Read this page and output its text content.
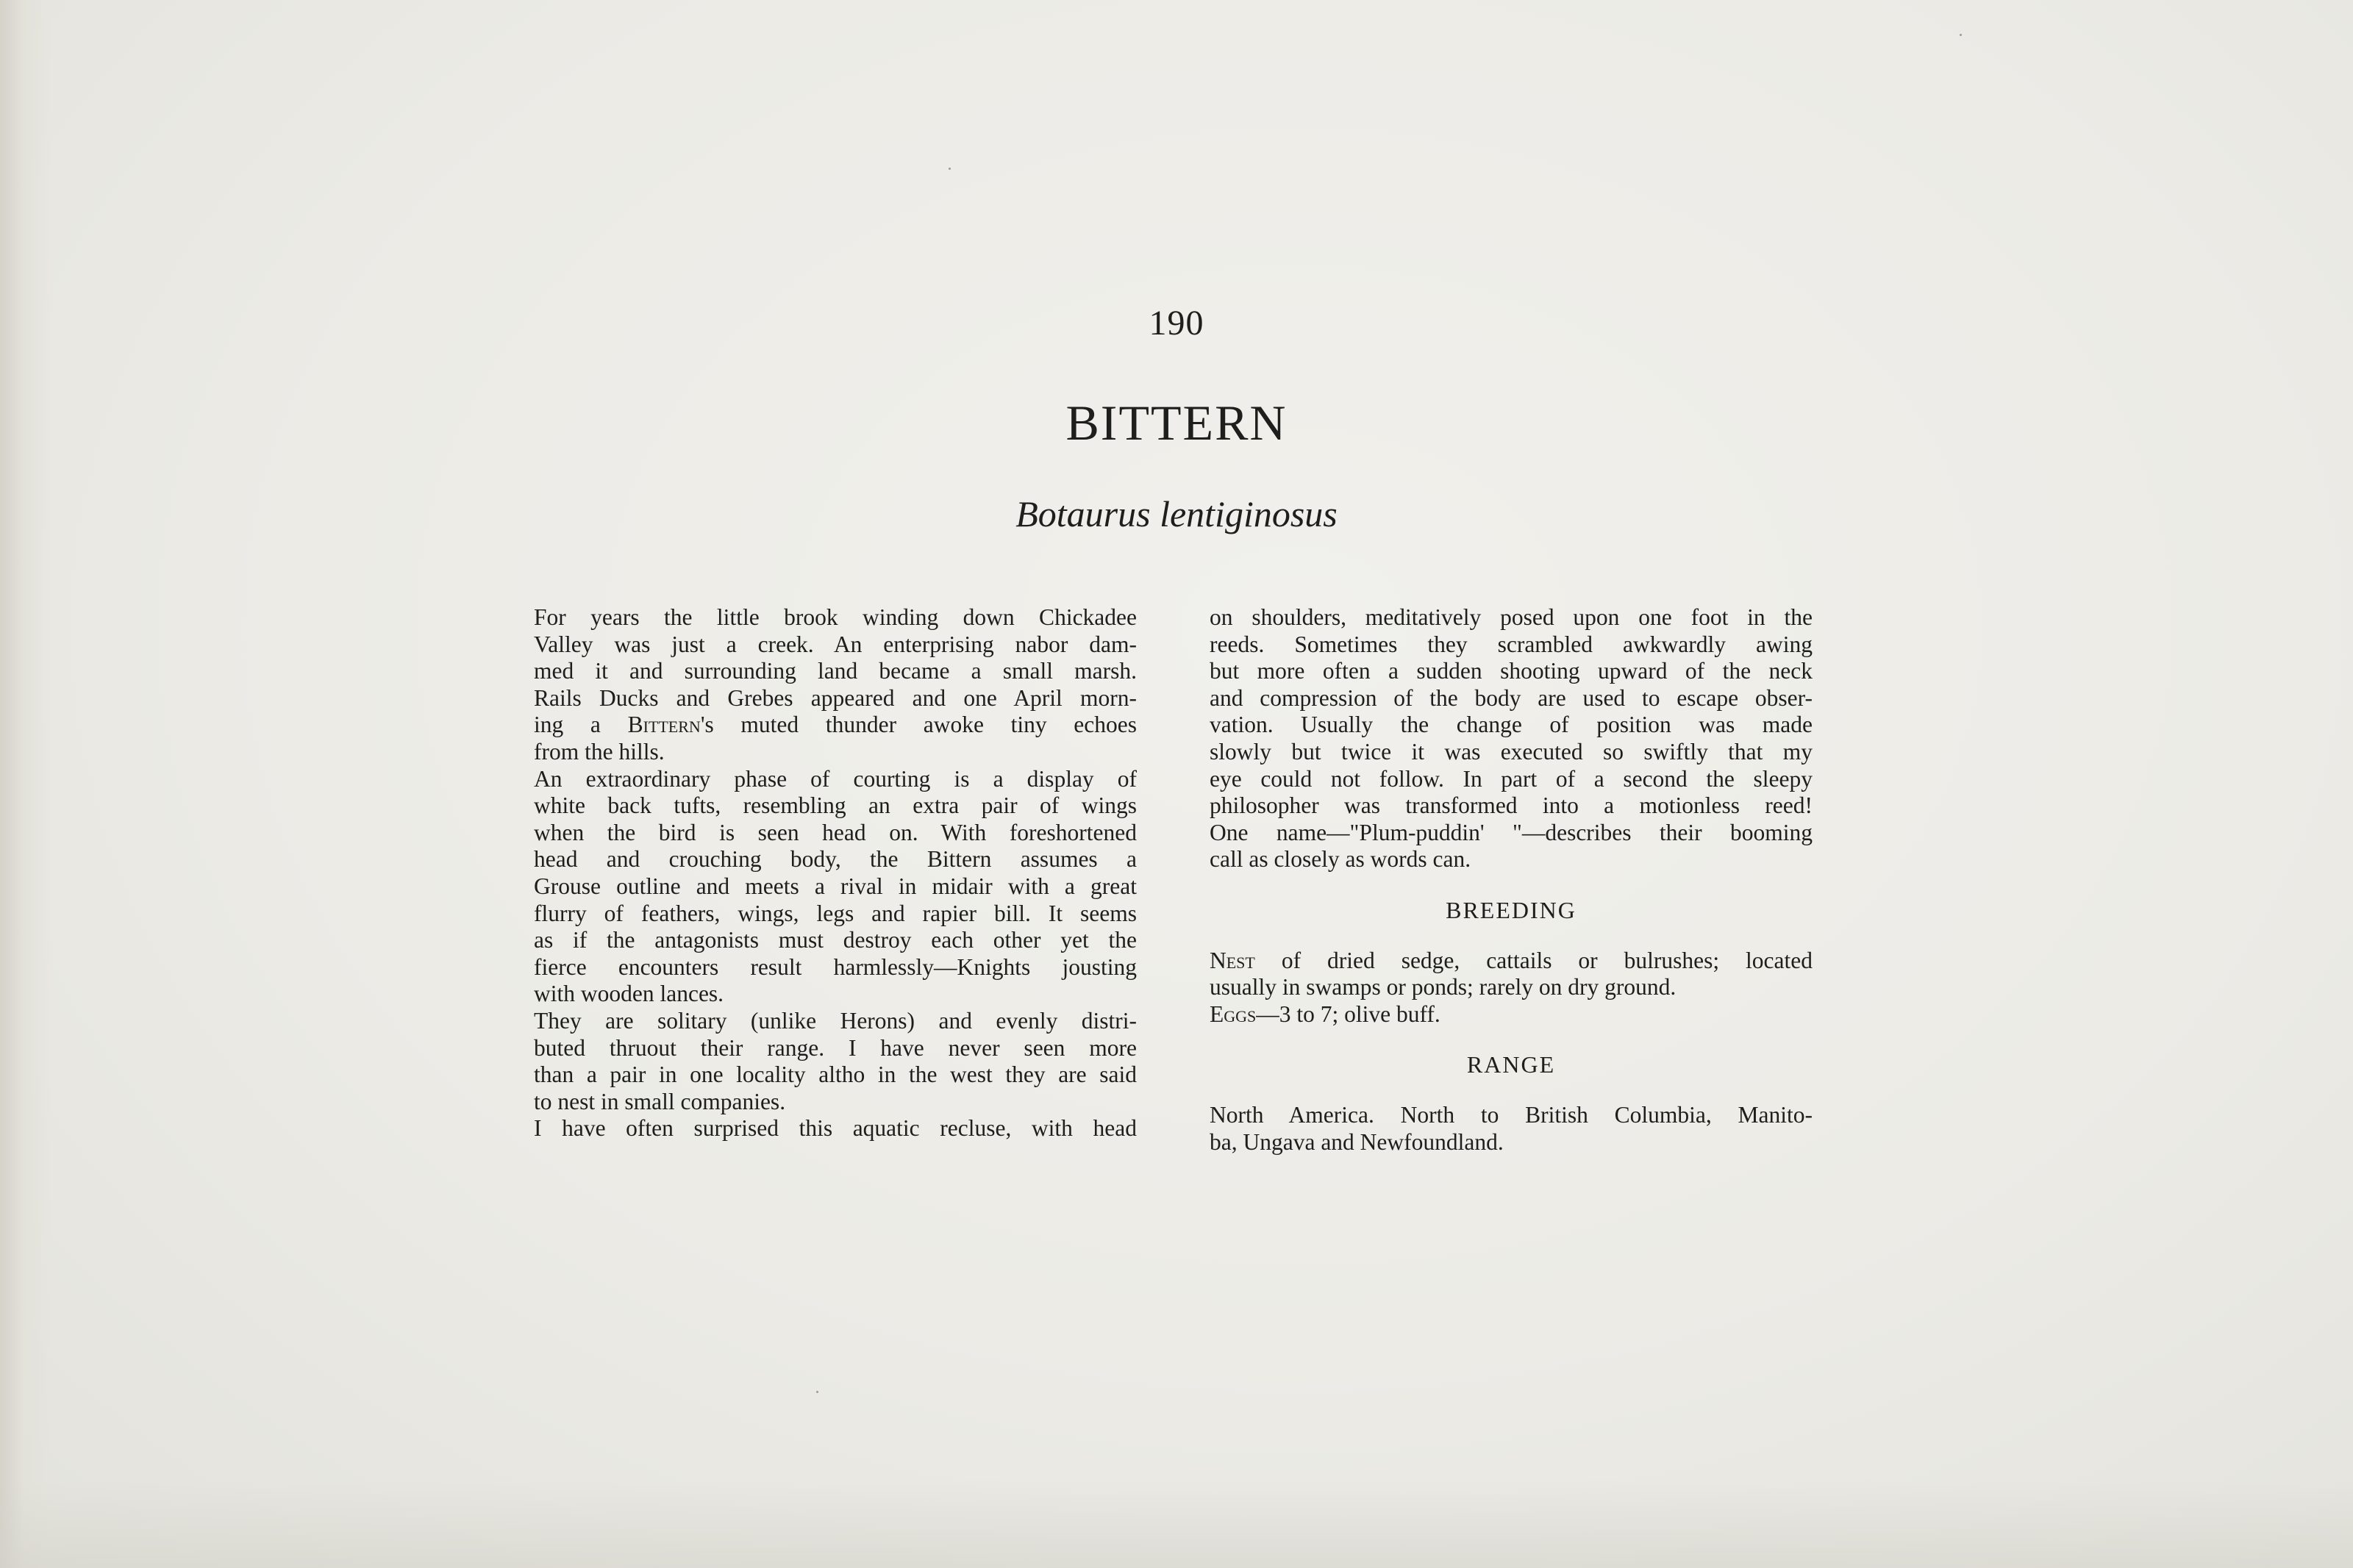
190
BITTERN
Botaurus lentiginosus
For years the little brook winding down Chickadee
Valley was just a creek. An enterprising nabor dam-
med it and surrounding land became a small marsh.
Rails Ducks and Grebes appeared and one April morn-
ing a Bittern's muted thunder awoke tiny echoes
from the hills.
An extraordinary phase of courting is a display of
white back tufts, resembling an extra pair of wings
when the bird is seen head on. With foreshortened
head and crouching body, the Bittern assumes a
Grouse outline and meets a rival in midair with a great
flurry of feathers, wings, legs and rapier bill. It seems
as if the antagonists must destroy each other yet the
fierce encounters result harmlessly—Knights jousting
with wooden lances.
They are solitary (unlike Herons) and evenly distri-
buted thruout their range. I have never seen more
than a pair in one locality altho in the west they are said
to nest in small companies.
I have often surprised this aquatic recluse, with head
on shoulders, meditatively posed upon one foot in the
reeds. Sometimes they scrambled awkwardly awing
but more often a sudden shooting upward of the neck
and compression of the body are used to escape obser-
vation. Usually the change of position was made
slowly but twice it was executed so swiftly that my
eye could not follow. In part of a second the sleepy
philosopher was transformed into a motionless reed!
One name—"Plum-puddin' "—describes their booming
call as closely as words can.
BREEDING
Nest of dried sedge, cattails or bulrushes; located
usually in swamps or ponds; rarely on dry ground.
Eggs—3 to 7; olive buff.
RANGE
North America. North to British Columbia, Manito-
ba, Ungava and Newfoundland.
